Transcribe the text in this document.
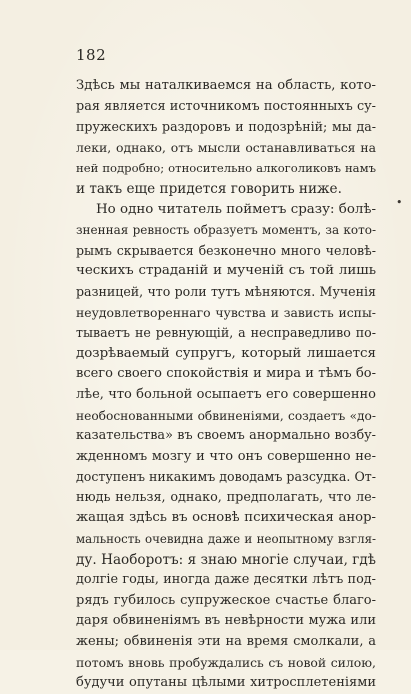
182
•
Здѣсь мы наталкиваемся на область, кото-
рая является источникомъ постоянныхъ су-
пружескихъ раздоровъ и подозрѣній; мы да-
леки, однако, отъ мысли останавливаться на
ней подробно; относительно алкоголиковъ намъ
и такъ еще придется говорить ниже.
Но одно читатель пойметъ сразу: болѣ-
зненная ревность образуетъ моментъ, за кото-
рымъ скрывается безконечно много человѣ-
ческихъ страданій и мученій съ той лишь
разницей, что роли тутъ мѣняются. Мученія
неудовлетвореннаго чувства и зависть испы-
тываетъ не ревнующій, а несправедливо по-
дозрѣваемый супругъ, который лишается
всего своего спокойствія и мира и тѣмъ бо-
лѣе, что больной осыпаетъ его совершенно
необоснованными обвиненіями, создаетъ «до-
казательства» въ своемъ анормально возбу-
жденномъ мозгу и что онъ совершенно не-
доступенъ никакимъ доводамъ разсудка. От-
нюдь нельзя, однако, предполагать, что ле-
жащая здѣсь въ основѣ психическая анор-
мальность очевидна даже и неопытному взгля-
ду. Наоборотъ: я знаю многіе случаи, гдѣ
долгіе годы, иногда даже десятки лѣтъ под-
рядъ губилось супружеское счастье благо-
даря обвиненіямъ въ невѣрности мужа или
жены; обвиненія эти на время смолкали, а
потомъ вновь пробуждались съ новой силою,
будучи опутаны цѣлыми хитросплетеніями
